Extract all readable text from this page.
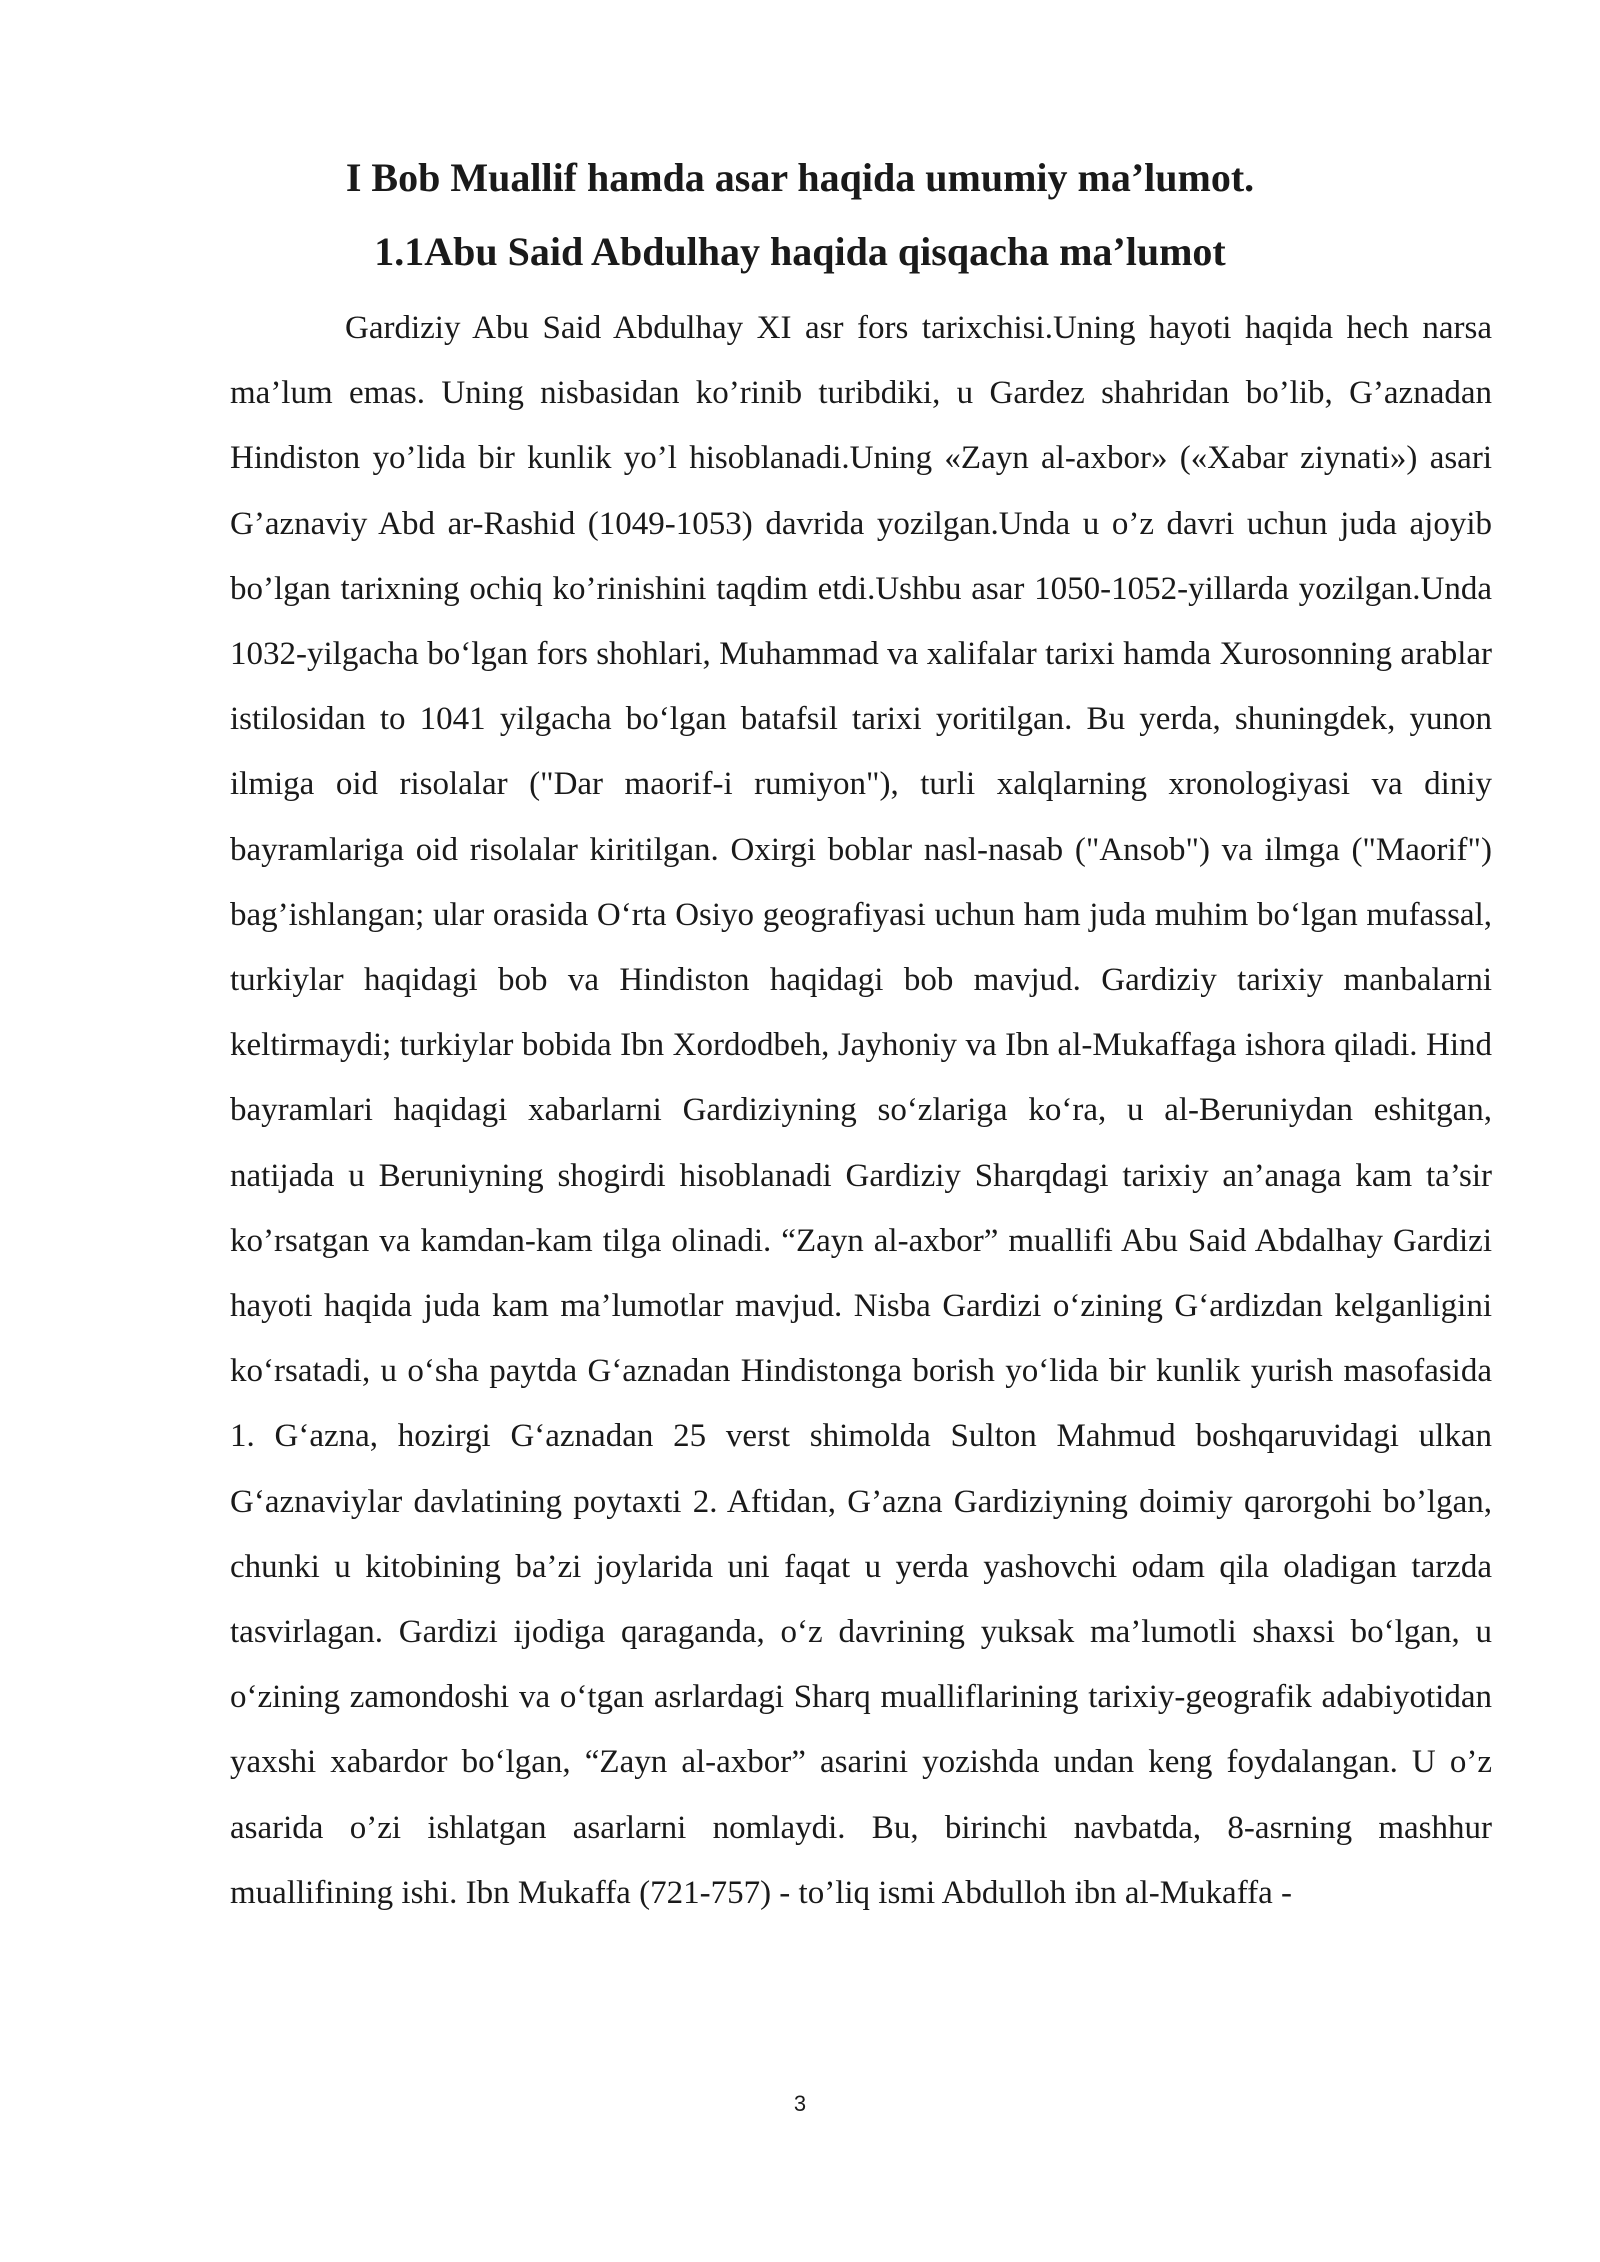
I Bob Muallif hamda asar haqida umumiy ma’lumot.
1.1Abu Said Abdulhay haqida qisqacha ma’lumot

Gardiziy Abu Said Abdulhay XI asr fors tarixchisi.Uning hayoti haqida hech narsa ma’lum emas. Uning nisbasidan ko’rinib turibdiki, u Gardez shahridan bo’lib, G’aznadan Hindiston yo’lida bir kunlik yo’l hisoblanadi.Uning «Zayn al-axbor» («Xabar ziynati») asari G’aznaviy Abd ar-Rashid (1049-1053) davrida yozilgan.Unda u o’z davri uchun juda ajoyib bo’lgan tarixning ochiq ko’rinishini taqdim etdi.Ushbu asar 1050-1052-yillarda yozilgan.Unda 1032-yilgacha boʻlgan fors shohlari, Muhammad va xalifalar tarixi hamda Xurosonning arablar istilosidan to 1041 yilgacha boʻlgan batafsil tarixi yoritilgan. Bu yerda, shuningdek, yunon ilmiga oid risolalar ("Dar maorif-i rumiyon"), turli xalqlarning xronologiyasi va diniy bayramlariga oid risolalar kiritilgan. Oxirgi boblar nasl-nasab ("Ansob") va ilmga ("Maorif") bag’ishlangan; ular orasida Oʻrta Osiyo geografiyasi uchun ham juda muhim boʻlgan mufassal, turkiylar haqidagi bob va Hindiston haqidagi bob mavjud. Gardiziy tarixiy manbalarni keltirmaydi; turkiylar bobida Ibn Xordodbeh, Jayhoniy va Ibn al-Mukaffaga ishora qiladi. Hind bayramlari haqidagi xabarlarni Gardiziyning soʻzlariga koʻra, u al-Beruniydan eshitgan, natijada u Beruniyning shogirdi hisoblanadi Gardiziy Sharqdagi tarixiy an’anaga kam ta’sir ko’rsatgan va kamdan-kam tilga olinadi. “Zayn al-axbor” muallifi Abu Said Abdalhay Gardizi hayoti haqida juda kam ma’lumotlar mavjud. Nisba Gardizi oʻzining Gʻardizdan kelganligini koʻrsatadi, u oʻsha paytda Gʻaznadan Hindistonga borish yoʻlida bir kunlik yurish masofasida 1. Gʻazna, hozirgi Gʻaznadan 25 verst shimolda Sulton Mahmud boshqaruvidagi ulkan Gʻaznaviylar davlatining poytaxti 2. Aftidan, G’azna Gardiziyning doimiy qarorgohi bo’lgan, chunki u kitobining ba’zi joylarida uni faqat u yerda yashovchi odam qila oladigan tarzda tasvirlagan. Gardizi ijodiga qaraganda, oʻz davrining yuksak ma’lumotli shaxsi boʻlgan, u oʻzining zamondoshi va oʻtgan asrlardagi Sharq mualliflarining tarixiy-geografik adabiyotidan yaxshi xabardor boʻlgan, “Zayn al-axbor” asarini yozishda undan keng foydalangan. U o’z asarida o’zi ishlatgan asarlarni nomlaydi. Bu, birinchi navbatda, 8-asrning mashhur muallifining ishi. Ibn Mukaffa (721-757) - to’liq ismi Abdulloh ibn al-Mukaffa -

3
